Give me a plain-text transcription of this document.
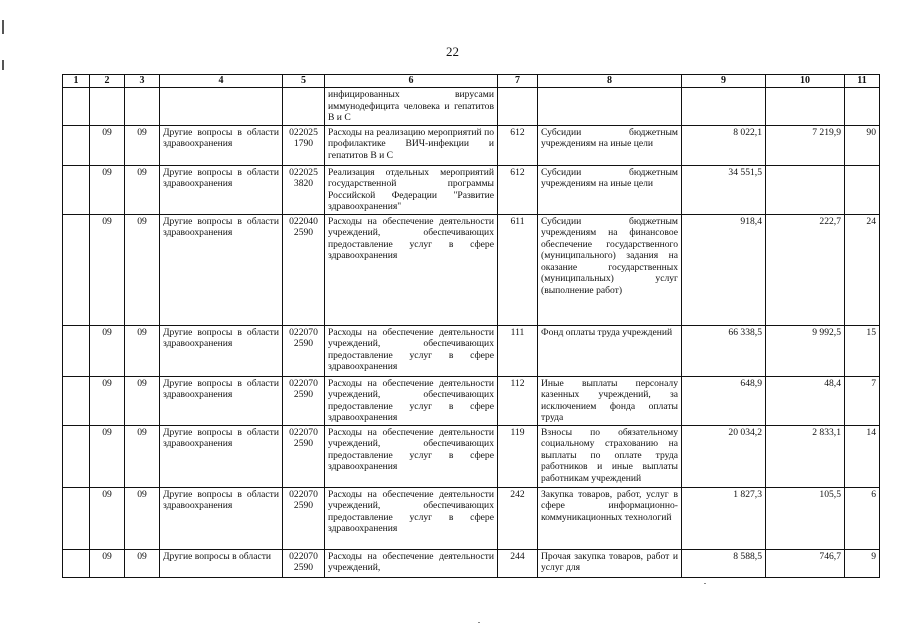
22
1	2	3	4	5	6	7	8	9	10	11
					инфицированных вирусами иммунодефицита человека и гепатитов В и С					
	09	09	Другие вопросы в области здравоохранения	022025 1790	Расходы на реализацию мероприятий по профилактике ВИЧ-инфекции и гепатитов В и С	612	Субсидии бюджетным учреждениям на иные цели	8 022,1	7 219,9	90
	09	09	Другие вопросы в области здравоохранения	022025 3820	Реализация отдельных мероприятий государственной программы Российской Федерации "Развитие здравоохранения"	612	Субсидии бюджетным учреждениям на иные цели	34 551,5		
	09	09	Другие вопросы в области здравоохранения	022040 2590	Расходы на обеспечение деятельности учреждений, обеспечивающих предоставление услуг в сфере здравоохранения	611	Субсидии бюджетным учреждениям на финансовое обеспечение государственного (муниципального) задания на оказание государственных (муниципальных) услуг (выполнение работ)	918,4	222,7	24
	09	09	Другие вопросы в области здравоохранения	022070 2590	Расходы на обеспечение деятельности учреждений, обеспечивающих предоставление услуг в сфере здравоохранения	111	Фонд оплаты труда учреждений	66 338,5	9 992,5	15
	09	09	Другие вопросы в области здравоохранения	022070 2590	Расходы на обеспечение деятельности учреждений, обеспечивающих предоставление услуг в сфере здравоохранения	112	Иные выплаты персоналу казенных учреждений, за исключением фонда оплаты труда	648,9	48,4	7
	09	09	Другие вопросы в области здравоохранения	022070 2590	Расходы на обеспечение деятельности учреждений, обеспечивающих предоставление услуг в сфере здравоохранения	119	Взносы по обязательному социальному страхованию на выплаты по оплате труда работников и иные выплаты работникам учреждений	20 034,2	2 833,1	14
	09	09	Другие вопросы в области здравоохранения	022070 2590	Расходы на обеспечение деятельности учреждений, обеспечивающих предоставление услуг в сфере здравоохранения	242	Закупка товаров, работ, услуг в сфере информационно-коммуникационных технологий	1 827,3	105,5	6
	09	09	Другие вопросы в области	022070 2590	Расходы на обеспечение деятельности учреждений,	244	Прочая закупка товаров, работ и услуг для	8 588,5	746,7	9
